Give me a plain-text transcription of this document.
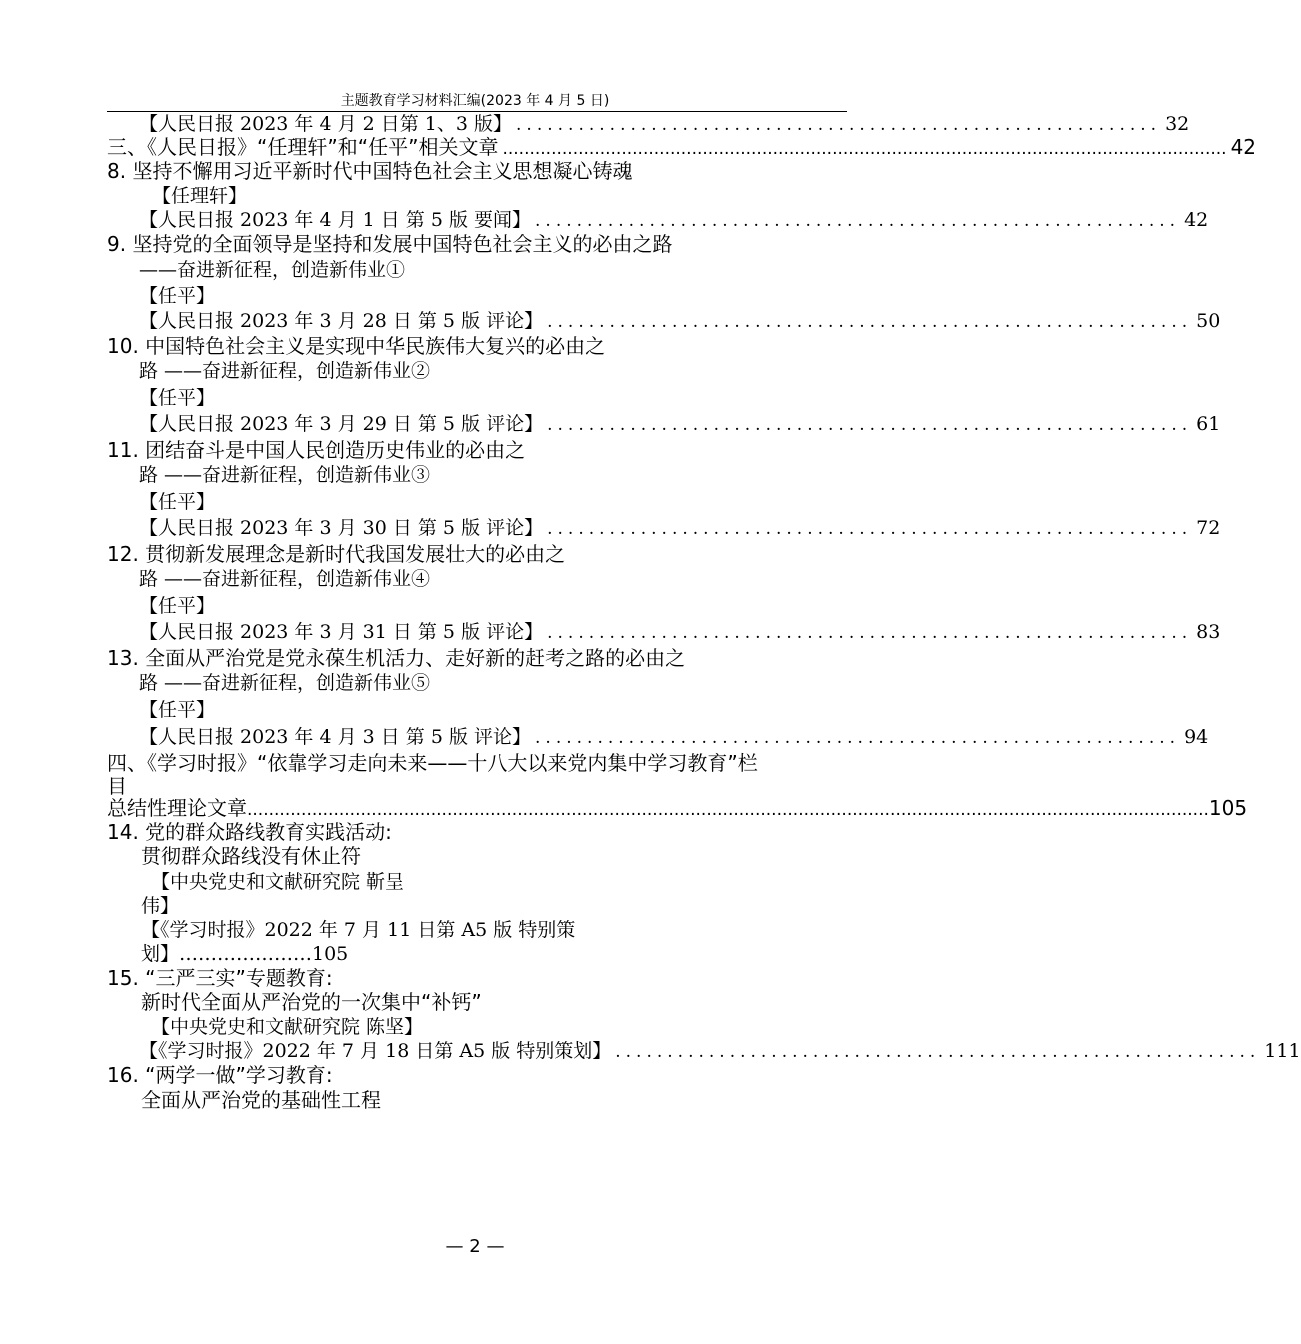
主题教育学习材料汇编(2023 年 4 月 5 日)
【人民日报 2023 年 4 月 2 日第 1、3 版】 .............................................................. 32
三、《人民日报》“任理轩”和“任平”相关文章 ...................................................................................................................................... 42
8. 坚持不懈用习近平新时代中国特色社会主义思想凝心铸魂
【任理轩】
【人民日报 2023 年 4 月 1 日 第 5 版 要闻】 .............................................................. 42
9. 坚持党的全面领导是坚持和发展中国特色社会主义的必由之路
——奋进新征程，创造新伟业①
【任平】
【人民日报 2023 年 3 月 28 日 第 5 版 评论】 .............................................................. 50
10. 中国特色社会主义是实现中华民族伟大复兴的必由之
路 ——奋进新征程，创造新伟业②
【任平】
【人民日报 2023 年 3 月 29 日 第 5 版 评论】 .............................................................. 61
11. 团结奋斗是中国人民创造历史伟业的必由之
路 ——奋进新征程，创造新伟业③
【任平】
【人民日报 2023 年 3 月 30 日 第 5 版 评论】 .............................................................. 72
12. 贯彻新发展理念是新时代我国发展壮大的必由之
路 ——奋进新征程，创造新伟业④
【任平】
【人民日报 2023 年 3 月 31 日 第 5 版 评论】 .............................................................. 83
13. 全面从严治党是党永葆生机活力、走好新的赶考之路的必由之
路 ——奋进新征程，创造新伟业⑤
【任平】
【人民日报 2023 年 4 月 3 日 第 5 版 评论】 .............................................................. 94
四、《学习时报》“依靠学习走向未来——十八大以来党内集中学习教育”栏
目
总结性理论文章 .................................................................................................................................................................................. 105
14. 党的群众路线教育实践活动:
贯彻群众路线没有休止符
【中央党史和文献研究院 靳呈
伟】
【《学习时报》2022 年 7 月 11 日第 A5 版 特别策
划】…………………105
15. “三严三实”专题教育:
新时代全面从严治党的一次集中“补钙”
【中央党史和文献研究院 陈坚】
【《学习时报》2022 年 7 月 18 日第 A5 版 特别策划】 .............................................................. 111
16. “两学一做”学习教育:
全面从严治党的基础性工程
— 2 —
